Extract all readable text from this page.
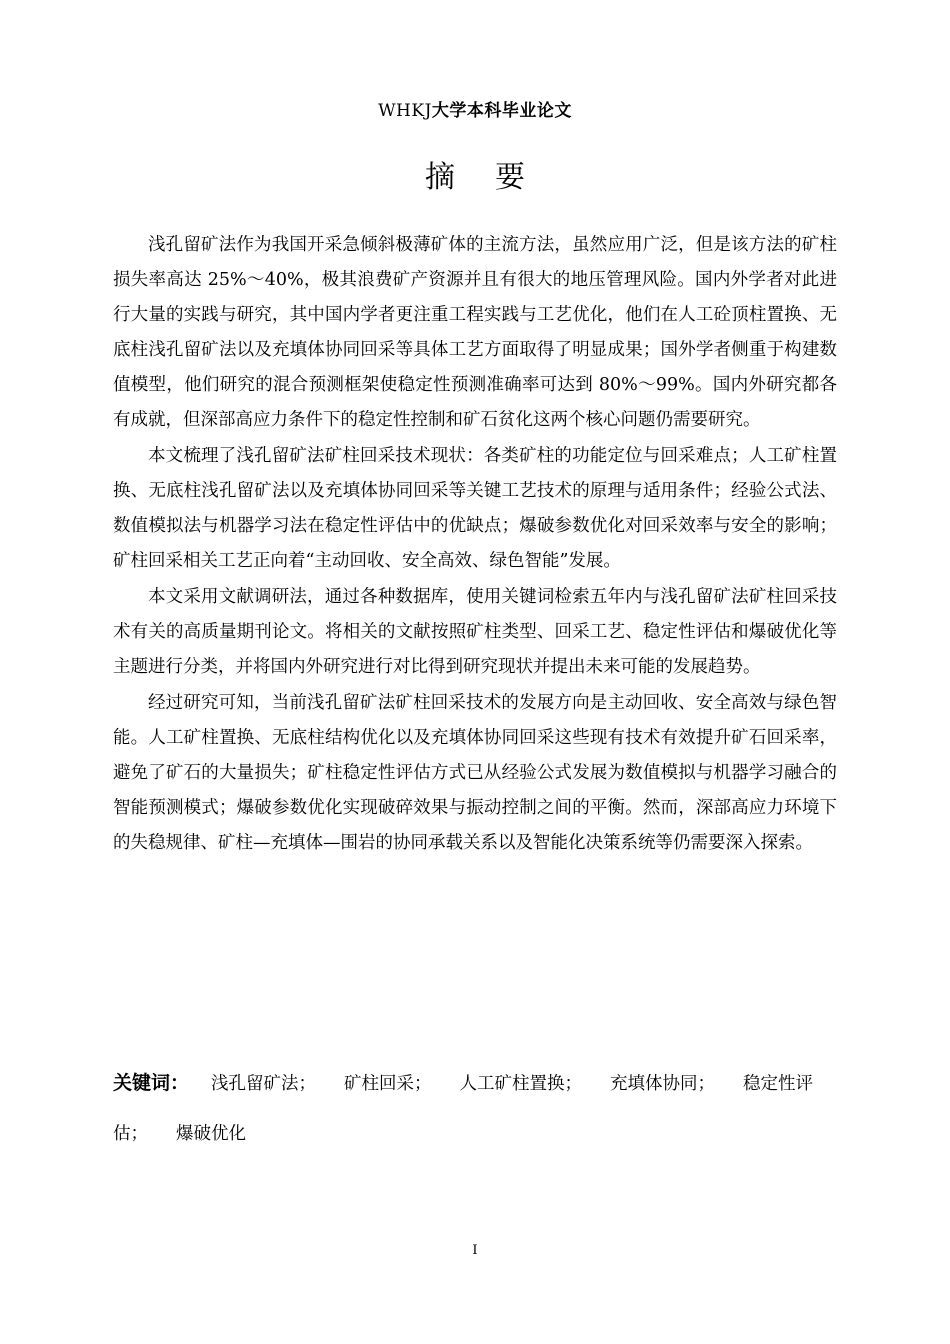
WHKJ大学本科毕业论文
摘要

浅孔留矿法作为我国开采急倾斜极薄矿体的主流方法，虽然应用广泛，但是该方法的矿柱损失率高达 25%～40%，极其浪费矿产资源并且有很大的地压管理风险。国内外学者对此进行大量的实践与研究，其中国内学者更注重工程实践与工艺优化，他们在人工砼顶柱置换、无底柱浅孔留矿法以及充填体协同回采等具体工艺方面取得了明显成果；国外学者侧重于构建数值模型，他们研究的混合预测框架使稳定性预测准确率可达到 80%～99%。国内外研究都各有成就，但深部高应力条件下的稳定性控制和矿石贫化这两个核心问题仍需要研究。

本文梳理了浅孔留矿法矿柱回采技术现状：各类矿柱的功能定位与回采难点；人工矿柱置换、无底柱浅孔留矿法以及充填体协同回采等关键工艺技术的原理与适用条件；经验公式法、数值模拟法与机器学习法在稳定性评估中的优缺点；爆破参数优化对回采效率与安全的影响；矿柱回采相关工艺正向着“主动回收、安全高效、绿色智能”发展。

本文采用文献调研法，通过各种数据库，使用关键词检索五年内与浅孔留矿法矿柱回采技术有关的高质量期刊论文。将相关的文献按照矿柱类型、回采工艺、稳定性评估和爆破优化等主题进行分类，并将国内外研究进行对比得到研究现状并提出未来可能的发展趋势。

经过研究可知，当前浅孔留矿法矿柱回采技术的发展方向是主动回收、安全高效与绿色智能。人工矿柱置换、无底柱结构优化以及充填体协同回采这些现有技术有效提升矿石回采率，避免了矿石的大量损失；矿柱稳定性评估方式已从经验公式发展为数值模拟与机器学习融合的智能预测模式；爆破参数优化实现破碎效果与振动控制之间的平衡。然而，深部高应力环境下的失稳规律、矿柱—充填体—围岩的协同承载关系以及智能化决策系统等仍需要深入探索。

关键词： 浅孔留矿法； 矿柱回采； 人工矿柱置换； 充填体协同； 稳定性评估； 爆破优化
I
